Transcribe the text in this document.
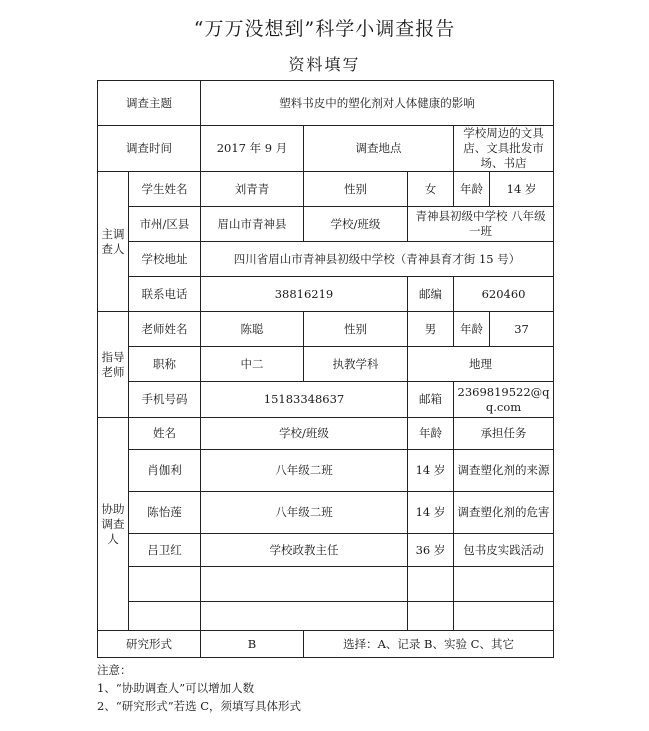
“万万没想到”科学小调查报告
资料填写
调查主题		塑料书皮中的塑化剂对人体健康的影响				
调查时间		2017 年 9 月	调查地点		学校周边的文具店、文具批发市场、书店	
主调查人	学生姓名	刘青青	性别	女	年龄	14 岁
	市州/区县	眉山市青神县	学校/班级	青神县初级中学校 八年级一班		
	学校地址	四川省眉山市青神县初级中学校（青神县育才街 15 号）				
	联系电话	38816219		邮编	620460	
指导老师	老师姓名	陈聪	性别	男	年龄	37
	职称	中二	执教学科	地理		
	手机号码	15183348637		邮箱	2369819522@qq.com	
协助调查人	姓名	学校/班级		年龄	承担任务	
	肖伽利	八年级二班		14 岁	调查塑化剂的来源	
	陈怡莲	八年级二班		14 岁	调查塑化剂的危害	
	吕卫红	学校政教主任		36 岁	包书皮实践活动	

研究形式		B	选择：A、记录 B、实验 C、其它			
注意：
1、“协助调查人”可以增加人数
2、“研究形式”若选 C，须填写具体形式
